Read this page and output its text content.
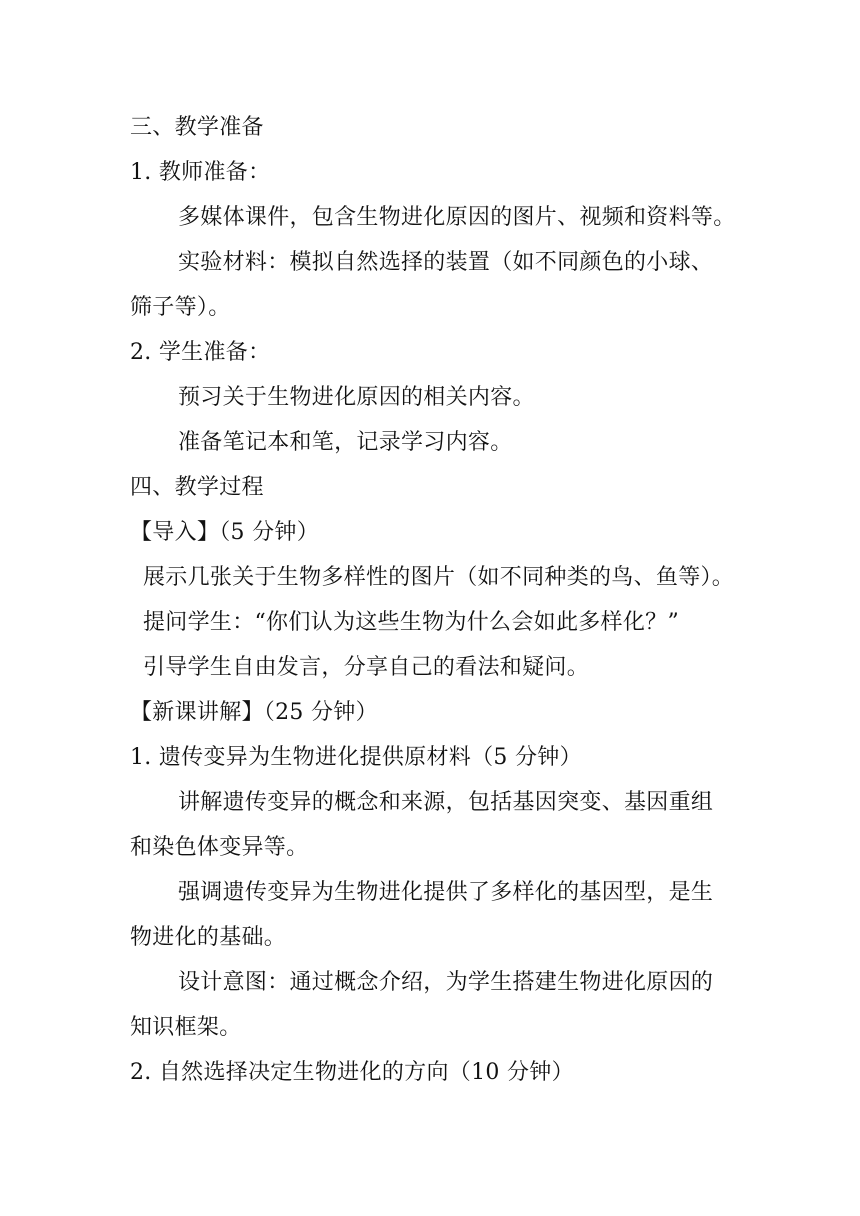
三、教学准备
1. 教师准备：
多媒体课件，包含生物进化原因的图片、视频和资料等。
实验材料：模拟自然选择的装置（如不同颜色的小球、
筛子等）。
2. 学生准备：
预习关于生物进化原因的相关内容。
准备笔记本和笔，记录学习内容。
四、教学过程
【导入】（5 分钟）
展示几张关于生物多样性的图片（如不同种类的鸟、鱼等）。
提问学生：“你们认为这些生物为什么会如此多样化？”
引导学生自由发言，分享自己的看法和疑问。
【新课讲解】（25 分钟）
1. 遗传变异为生物进化提供原材料（5 分钟）
讲解遗传变异的概念和来源，包括基因突变、基因重组
和染色体变异等。
强调遗传变异为生物进化提供了多样化的基因型，是生
物进化的基础。
设计意图：通过概念介绍，为学生搭建生物进化原因的
知识框架。
2. 自然选择决定生物进化的方向（10 分钟）
